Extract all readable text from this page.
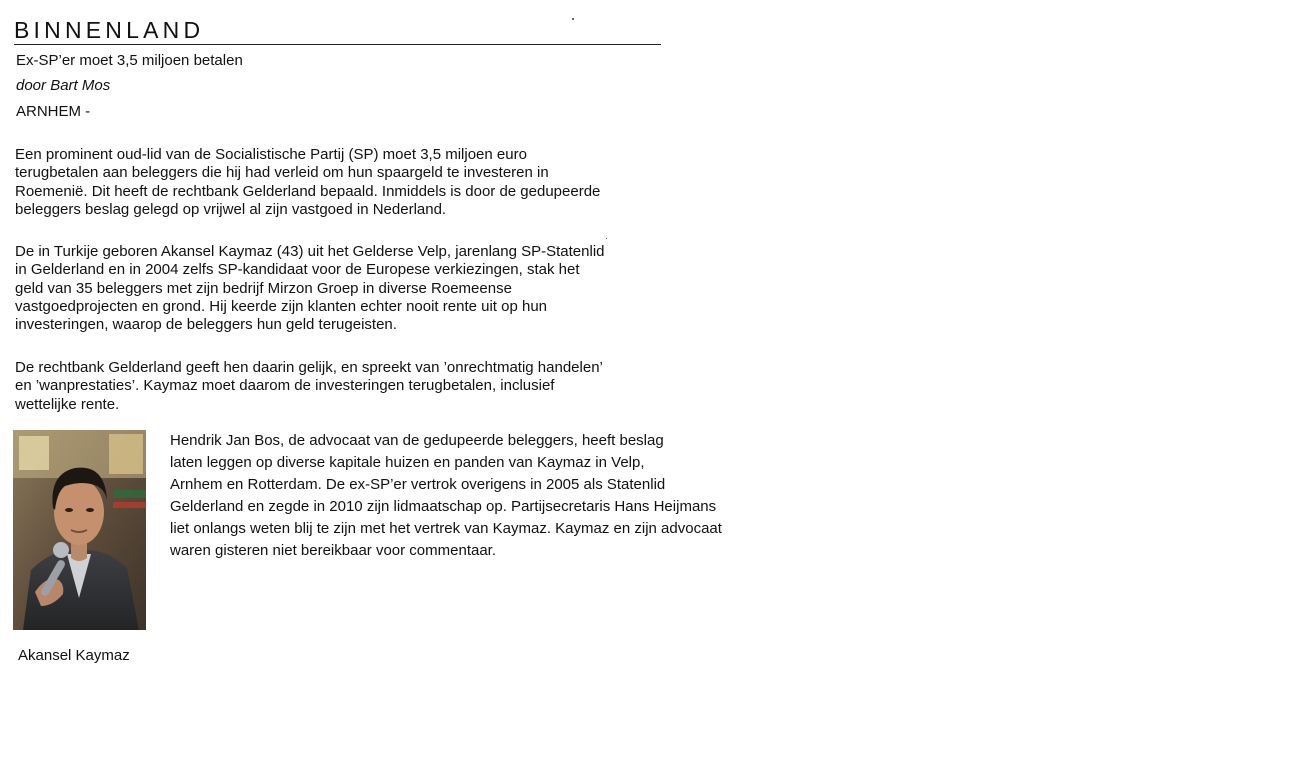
BINNENLAND
Ex-SP’er moet 3,5 miljoen betalen
door Bart Mos
ARNHEM -

Een prominent oud-lid van de Socialistische Partij (SP) moet 3,5 miljoen euro
terugbetalen aan beleggers die hij had verleid om hun spaargeld te investeren in
Roemenië. Dit heeft de rechtbank Gelderland bepaald. Inmiddels is door de gedupeerde
beleggers beslag gelegd op vrijwel al zijn vastgoed in Nederland.

De in Turkije geboren Akansel Kaymaz (43) uit het Gelderse Velp, jarenlang SP-Statenlid
in Gelderland en in 2004 zelfs SP-kandidaat voor de Europese verkiezingen, stak het
geld van 35 beleggers met zijn bedrijf Mirzon Groep in diverse Roemeense
vastgoedprojecten en grond. Hij keerde zijn klanten echter nooit rente uit op hun
investeringen, waarop de beleggers hun geld terugeisten.

De rechtbank Gelderland geeft hen daarin gelijk, en spreekt van ’onrechtmatig handelen’
en ’wanprestaties’. Kaymaz moet daarom de investeringen terugbetalen, inclusief
wettelijke rente.

Hendrik Jan Bos, de advocaat van de gedupeerde beleggers, heeft beslag
laten leggen op diverse kapitale huizen en panden van Kaymaz in Velp,
Arnhem en Rotterdam. De ex-SP’er vertrok overigens in 2005 als Statenlid
Gelderland en zegde in 2010 zijn lidmaatschap op. Partijsecretaris Hans Heijmans
liet onlangs weten blij te zijn met het vertrek van Kaymaz. Kaymaz en zijn advocaat
waren gisteren niet bereikbaar voor commentaar.
Akansel Kaymaz
